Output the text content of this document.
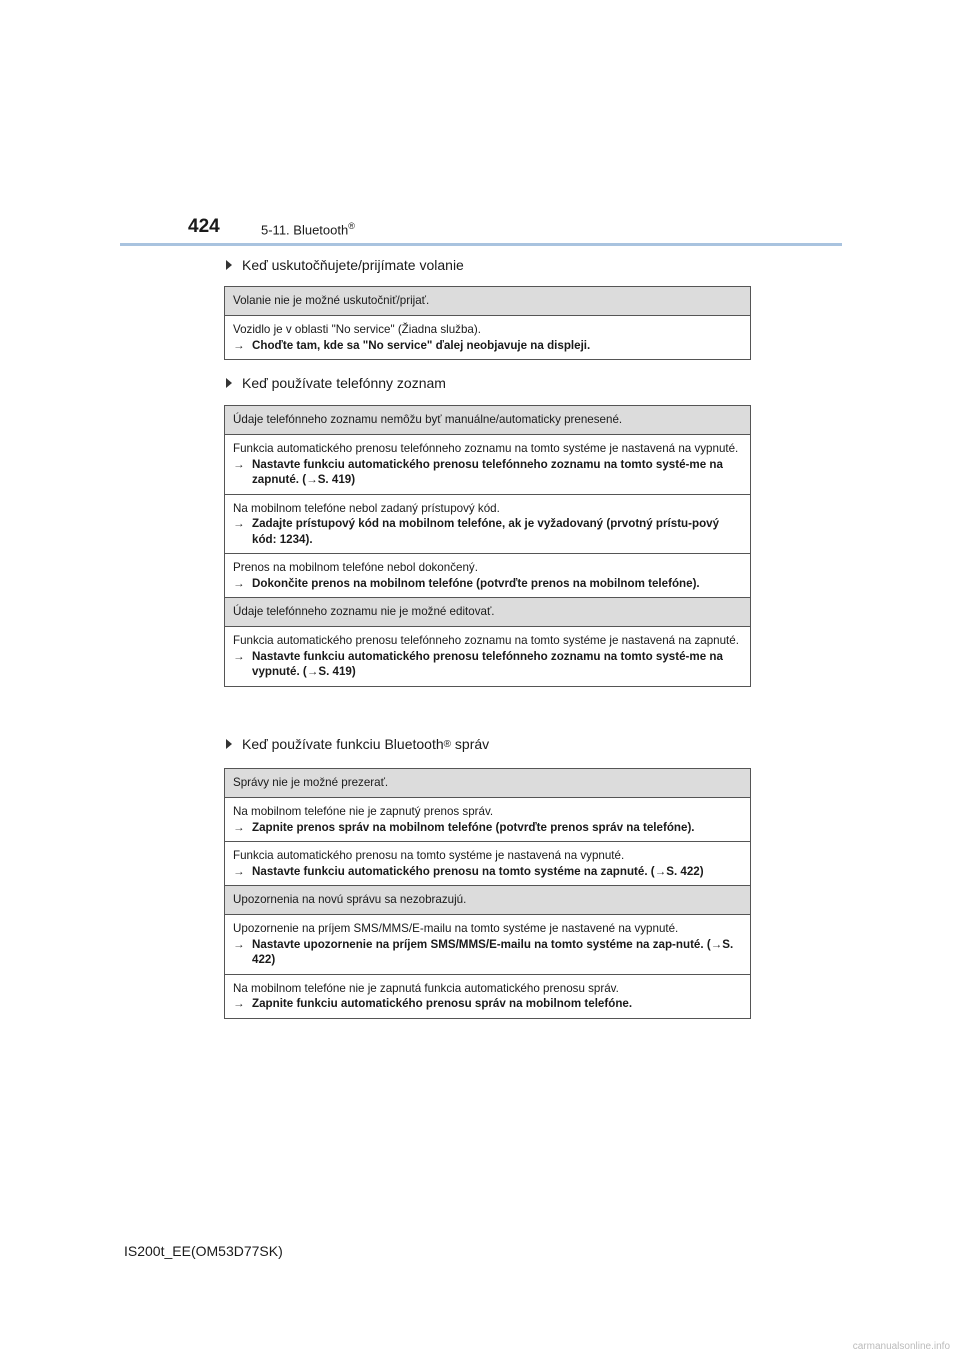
424	5-11. Bluetooth®
Keď uskutočňujete/prijímate volanie
Volanie nie je možné uskutočniť/prijať.

Vozidlo je v oblasti "No service" (Žiadna služba).
→ Choďte tam, kde sa "No service" ďalej neobjavuje na displeji.
Keď používate telefónny zoznam
Údaje telefónneho zoznamu nemôžu byť manuálne/automaticky prenesené.

Funkcia automatického prenosu telefónneho zoznamu na tomto systéme je nastavená na vypnuté.
→ Nastavte funkciu automatického prenosu telefónneho zoznamu na tomto systé-me na zapnuté. (→S. 419)

Na mobilnom telefóne nebol zadaný prístupový kód.
→ Zadajte prístupový kód na mobilnom telefóne, ak je vyžadovaný (prvotný prístu-pový kód: 1234).

Prenos na mobilnom telefóne nebol dokončený.
→ Dokončite prenos na mobilnom telefóne (potvrďte prenos na mobilnom telefóne).

Údaje telefónneho zoznamu nie je možné editovať.

Funkcia automatického prenosu telefónneho zoznamu na tomto systéme je nastavená na zapnuté.
→ Nastavte funkciu automatického prenosu telefónneho zoznamu na tomto systé-me na vypnuté. (→S. 419)
Keď používate funkciu Bluetooth ® správ
Správy nie je možné prezerať.

Na mobilnom telefóne nie je zapnutý prenos správ.
→ Zapnite prenos správ na mobilnom telefóne (potvrďte prenos správ na telefóne).

Funkcia automatického prenosu na tomto systéme je nastavená na vypnuté.
→ Nastavte funkciu automatického prenosu na tomto systéme na zapnuté. (→S. 422)

Upozornenia na novú správu sa nezobrazujú.

Upozornenie na príjem SMS/MMS/E-mailu na tomto systéme je nastavené na vypnuté.
→ Nastavte upozornenie na príjem SMS/MMS/E-mailu na tomto systéme na zap-nuté. (→S. 422)

Na mobilnom telefóne nie je zapnutá funkcia automatického prenosu správ.
→ Zapnite funkciu automatického prenosu správ na mobilnom telefóne.
IS200t_EE(OM53D77SK)
carmanualsonline.info
